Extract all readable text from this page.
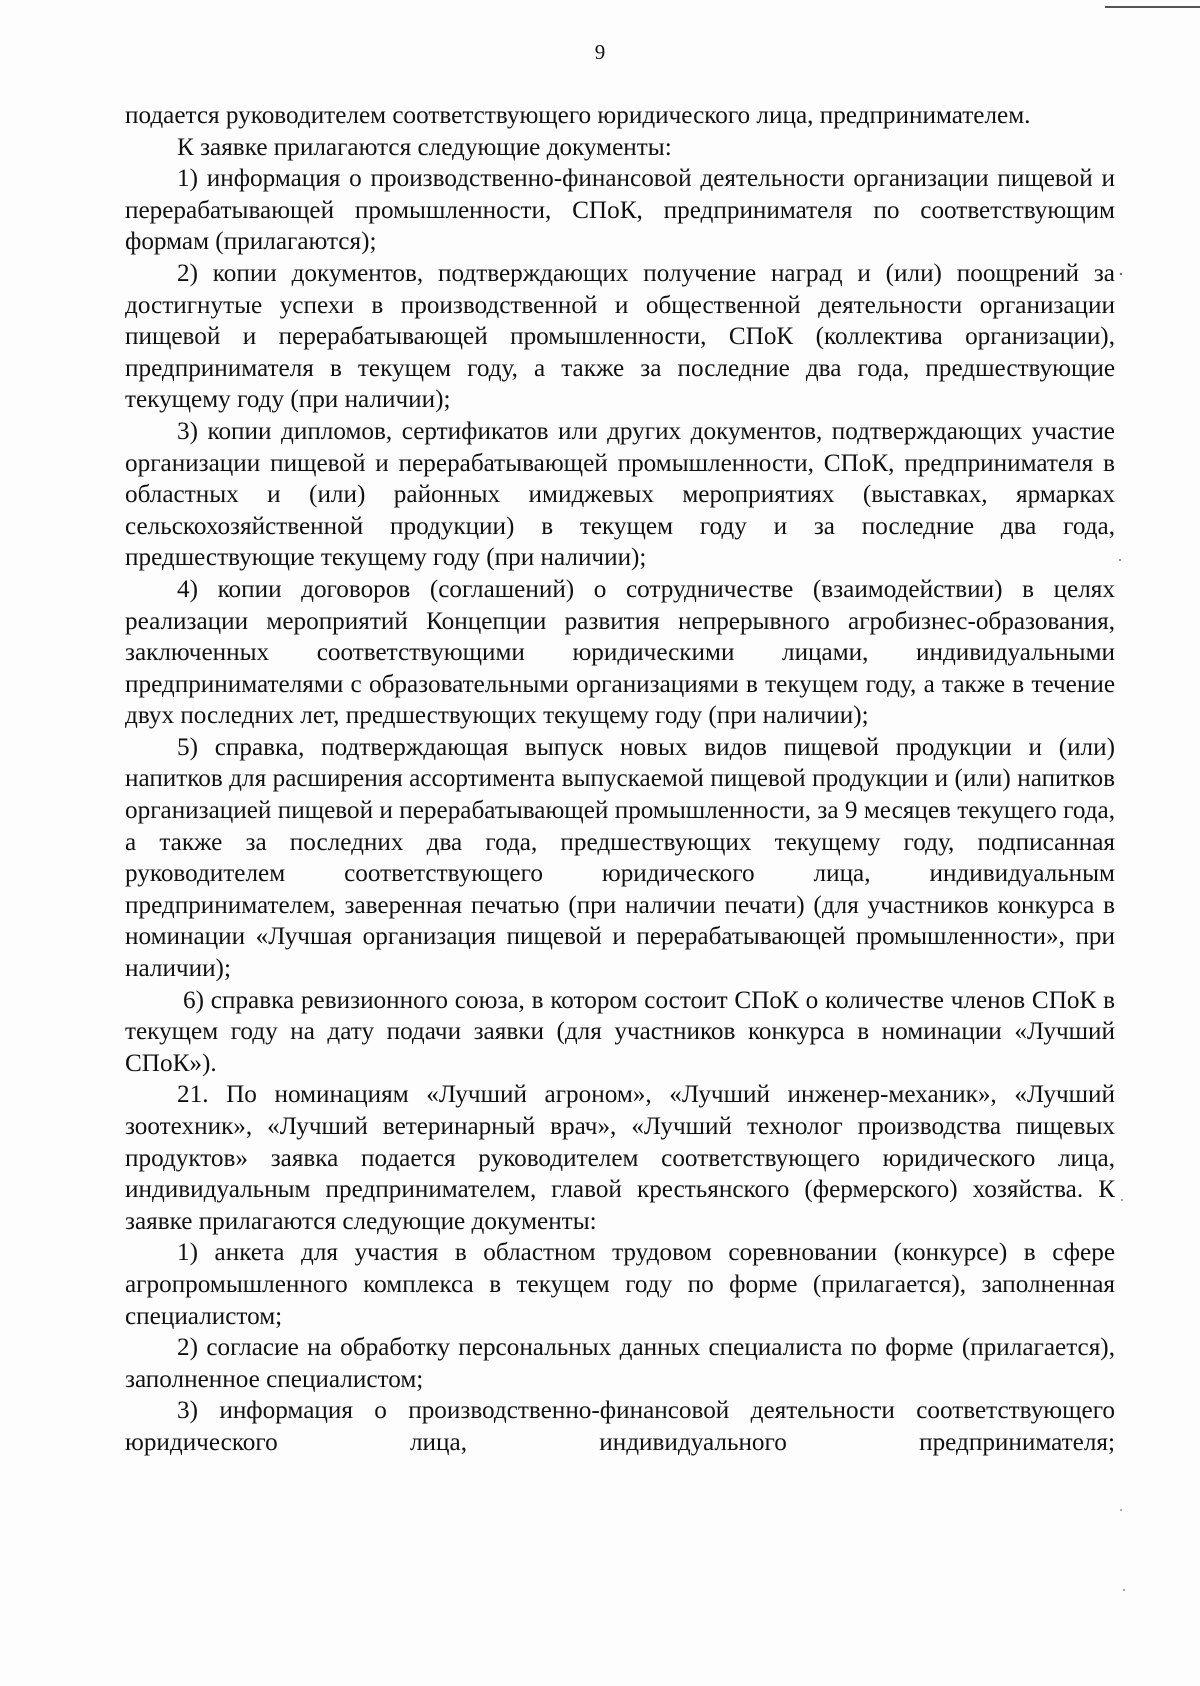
9

подается руководителем соответствующего юридического лица, предпринимателем.

К заявке прилагаются следующие документы:

1) информация о производственно-финансовой деятельности организации пищевой и перерабатывающей промышленности, СПоК, предпринимателя по соответствующим формам (прилагаются);

2) копии документов, подтверждающих получение наград и (или) поощрений за достигнутые успехи в производственной и общественной деятельности организации пищевой и перерабатывающей промышленности, СПоК (коллектива организации), предпринимателя в текущем году, а также за последние два года, предшествующие текущему году (при наличии);

3) копии дипломов, сертификатов или других документов, подтверждающих участие организации пищевой и перерабатывающей промышленности, СПоК, предпринимателя в областных и (или) районных имиджевых мероприятиях (выставках, ярмарках сельскохозяйственной продукции) в текущем году и за последние два года, предшествующие текущему году (при наличии);

4) копии договоров (соглашений) о сотрудничестве (взаимодействии) в целях реализации мероприятий Концепции развития непрерывного агробизнес-образования, заключенных соответствующими юридическими лицами, индивидуальными предпринимателями с образовательными организациями в текущем году, а также в течение двух последних лет, предшествующих текущему году (при наличии);

5) справка, подтверждающая выпуск новых видов пищевой продукции и (или) напитков для расширения ассортимента выпускаемой пищевой продукции и (или) напитков организацией пищевой и перерабатывающей промышленности, за 9 месяцев текущего года, а также за последних два года, предшествующих текущему году, подписанная руководителем соответствующего юридического лица, индивидуальным предпринимателем, заверенная печатью (при наличии печати) (для участников конкурса в номинации «Лучшая организация пищевой и перерабатывающей промышленности», при наличии);

6) справка ревизионного союза, в котором состоит СПоК о количестве членов СПоК в текущем году на дату подачи заявки (для участников конкурса в номинации «Лучший СПоК»).

21. По номинациям «Лучший агроном», «Лучший инженер-механик», «Лучший зоотехник», «Лучший ветеринарный врач», «Лучший технолог производства пищевых продуктов» заявка подается руководителем соответствующего юридического лица, индивидуальным предпринимателем, главой крестьянского (фермерского) хозяйства. К заявке прилагаются следующие документы:

1) анкета для участия в областном трудовом соревновании (конкурсе) в сфере агропромышленного комплекса в текущем году по форме (прилагается), заполненная специалистом;

2) согласие на обработку персональных данных специалиста по форме (прилагается), заполненное специалистом;

3) информация о производственно-финансовой деятельности соответствующего юридического лица, индивидуального предпринимателя;
